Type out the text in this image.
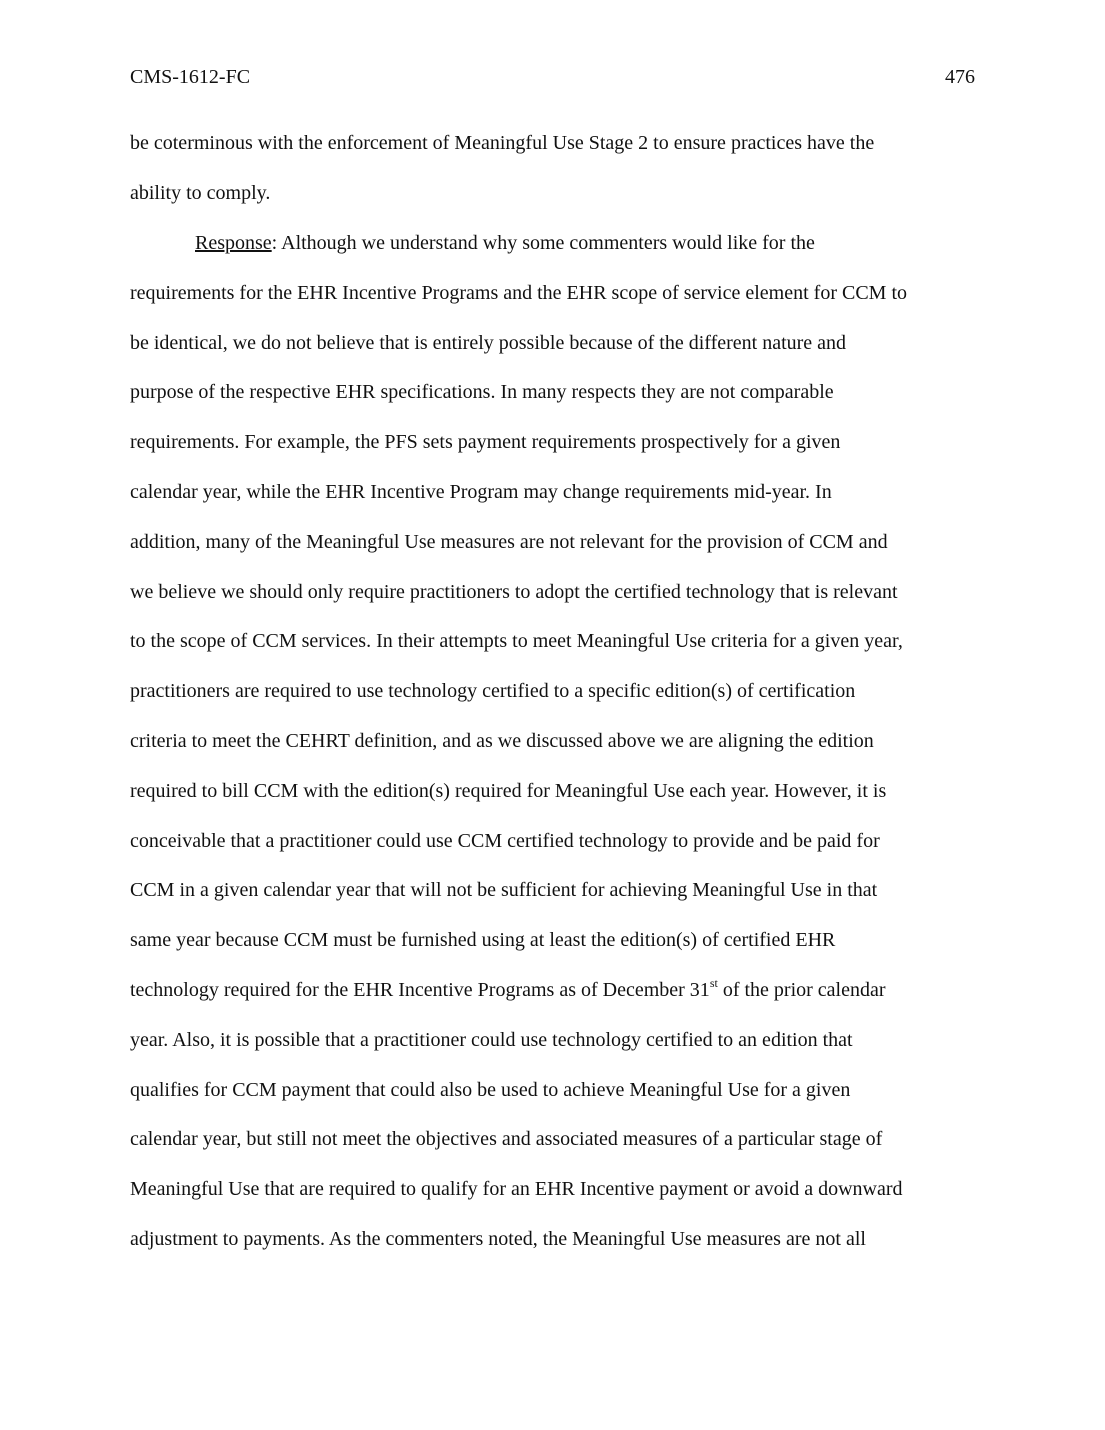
CMS-1612-FC	476
be coterminous with the enforcement of Meaningful Use Stage 2 to ensure practices have the
ability to comply.
Response: Although we understand why some commenters would like for the
requirements for the EHR Incentive Programs and the EHR scope of service element for CCM to
be identical, we do not believe that is entirely possible because of the different nature and
purpose of the respective EHR specifications. In many respects they are not comparable
requirements. For example, the PFS sets payment requirements prospectively for a given
calendar year, while the EHR Incentive Program may change requirements mid-year. In
addition, many of the Meaningful Use measures are not relevant for the provision of CCM and
we believe we should only require practitioners to adopt the certified technology that is relevant
to the scope of CCM services. In their attempts to meet Meaningful Use criteria for a given year,
practitioners are required to use technology certified to a specific edition(s) of certification
criteria to meet the CEHRT definition, and as we discussed above we are aligning the edition
required to bill CCM with the edition(s) required for Meaningful Use each year. However, it is
conceivable that a practitioner could use CCM certified technology to provide and be paid for
CCM in a given calendar year that will not be sufficient for achieving Meaningful Use in that
same year because CCM must be furnished using at least the edition(s) of certified EHR
technology required for the EHR Incentive Programs as of December 31st of the prior calendar
year. Also, it is possible that a practitioner could use technology certified to an edition that
qualifies for CCM payment that could also be used to achieve Meaningful Use for a given
calendar year, but still not meet the objectives and associated measures of a particular stage of
Meaningful Use that are required to qualify for an EHR Incentive payment or avoid a downward
adjustment to payments. As the commenters noted, the Meaningful Use measures are not all
